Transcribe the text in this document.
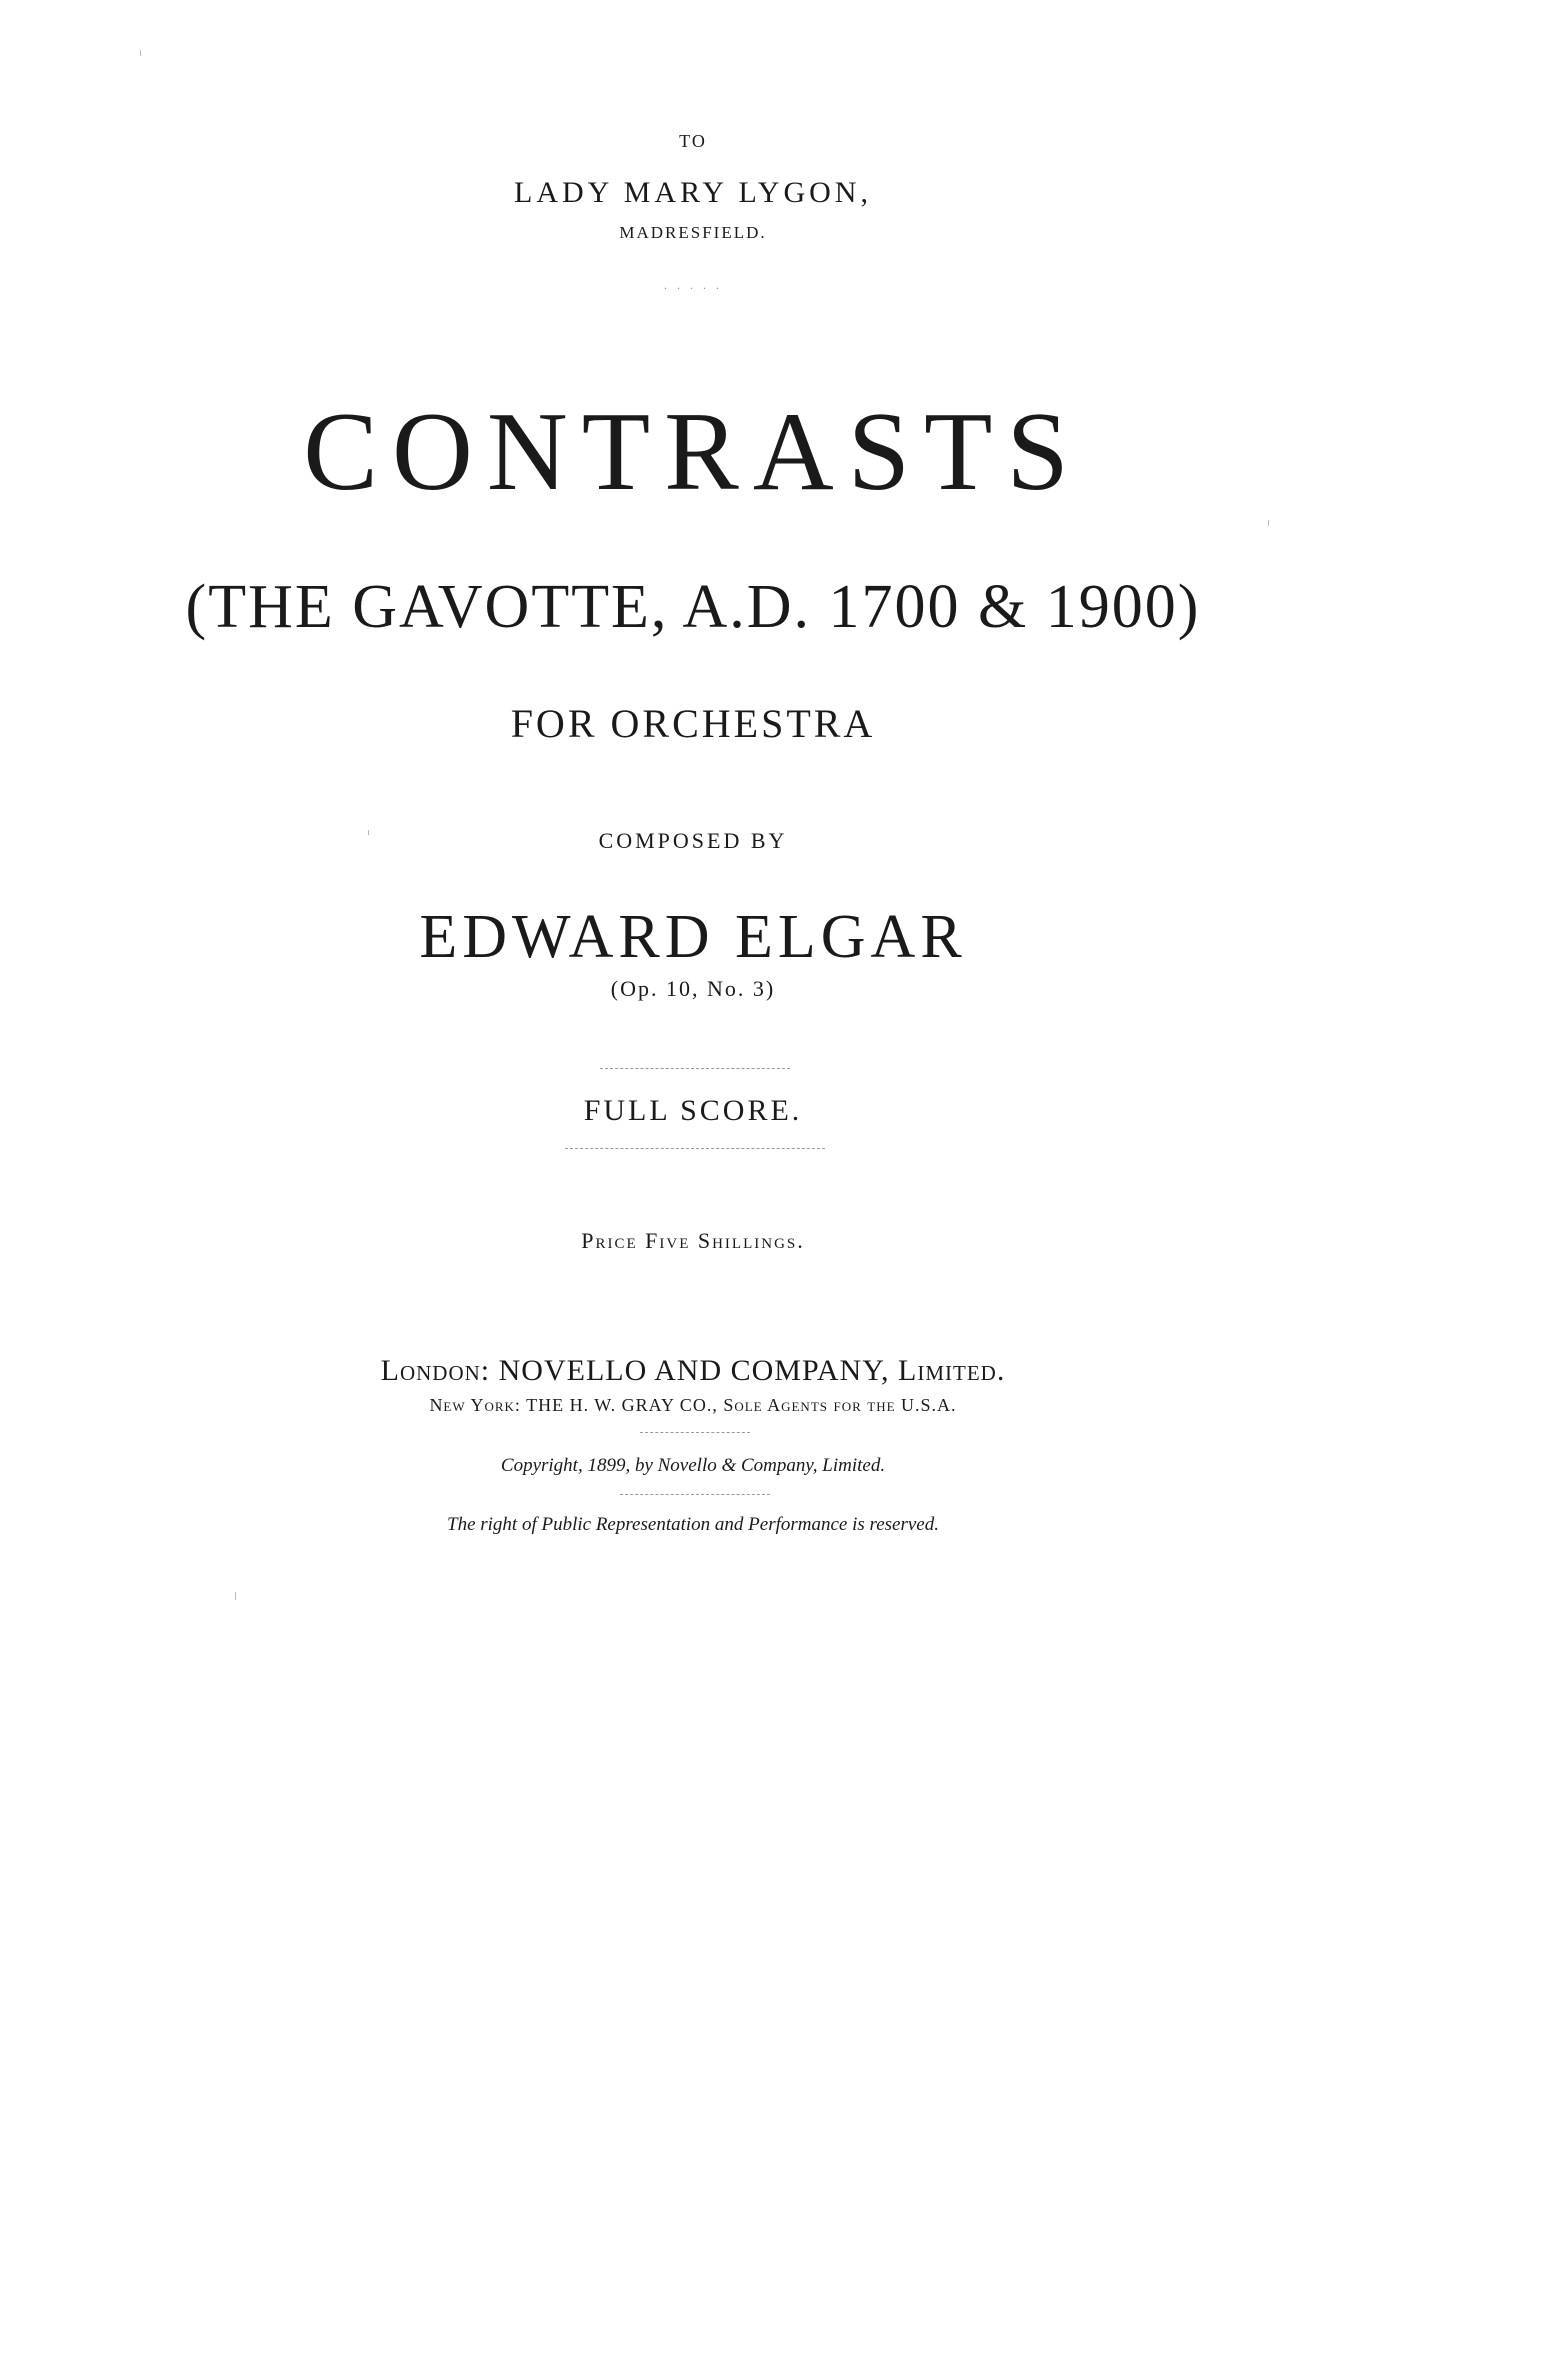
TO
LADY MARY LYGON,
MADRESFIELD.
· · · · ·
CONTRASTS
(THE GAVOTTE, A.D. 1700 & 1900)
FOR ORCHESTRA
COMPOSED BY
EDWARD ELGAR
(Op. 10, No. 3)
FULL SCORE.
Price Five Shillings.
London: NOVELLO AND COMPANY, Limited.
New York: THE H. W. GRAY CO., Sole Agents for the U.S.A.
Copyright, 1899, by Novello & Company, Limited.
The right of Public Representation and Performance is reserved.
